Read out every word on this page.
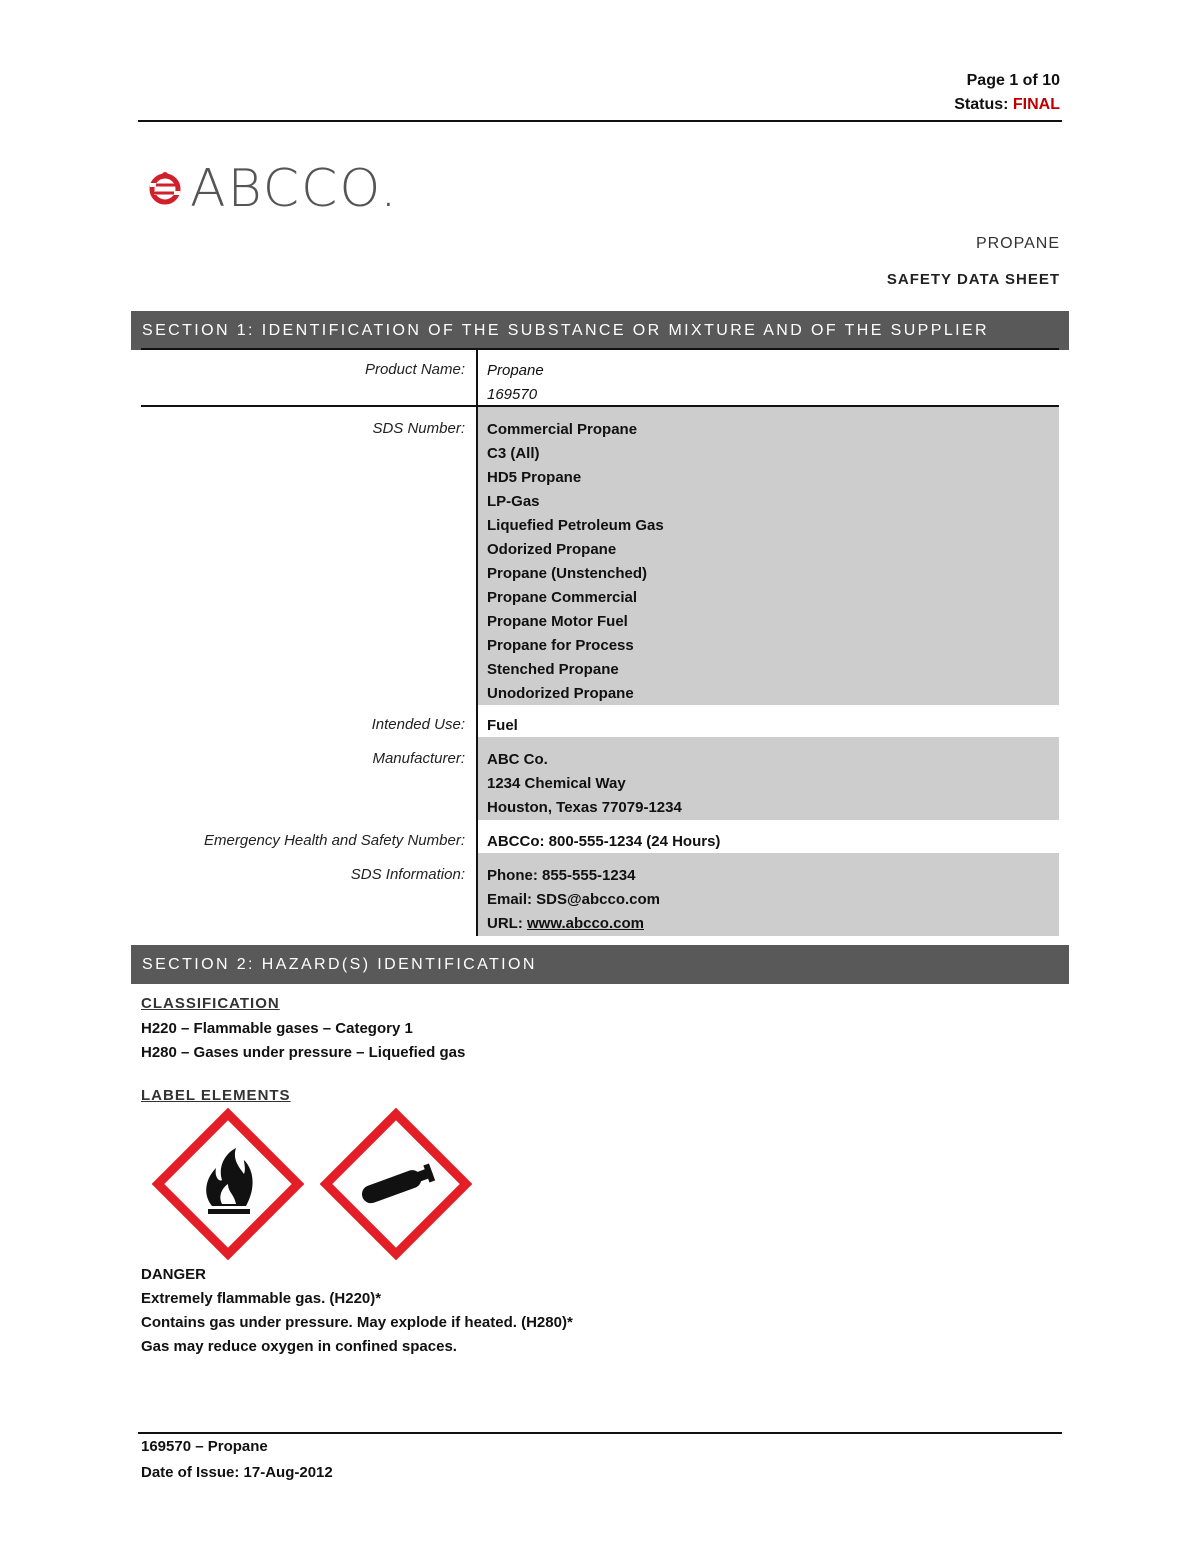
Page 1 of 10
Status: FINAL
ABCCO.
PROPANE
SAFETY DATA SHEET
SECTION 1: IDENTIFICATION OF THE SUBSTANCE OR MIXTURE AND OF THE SUPPLIER
Product Name: Propane
169570
SDS Number: Commercial Propane
C3 (All)
HD5 Propane
LP-Gas
Liquefied Petroleum Gas
Odorized Propane
Propane (Unstenched)
Propane Commercial
Propane Motor Fuel
Propane for Process
Stenched Propane
Unodorized Propane
Intended Use: Fuel
Manufacturer: ABC Co.
1234 Chemical Way
Houston, Texas 77079-1234
Emergency Health and Safety Number: ABCCo: 800-555-1234 (24 Hours)
SDS Information: Phone: 855-555-1234
Email: SDS@abcco.com
URL: www.abcco.com
SECTION 2: HAZARD(S) IDENTIFICATION
CLASSIFICATION
H220 – Flammable gases – Category 1
H280 – Gases under pressure – Liquefied gas
LABEL ELEMENTS
DANGER
Extremely flammable gas. (H220)*
Contains gas under pressure. May explode if heated. (H280)*
Gas may reduce oxygen in confined spaces.
169570 – Propane
Date of Issue: 17-Aug-2012
